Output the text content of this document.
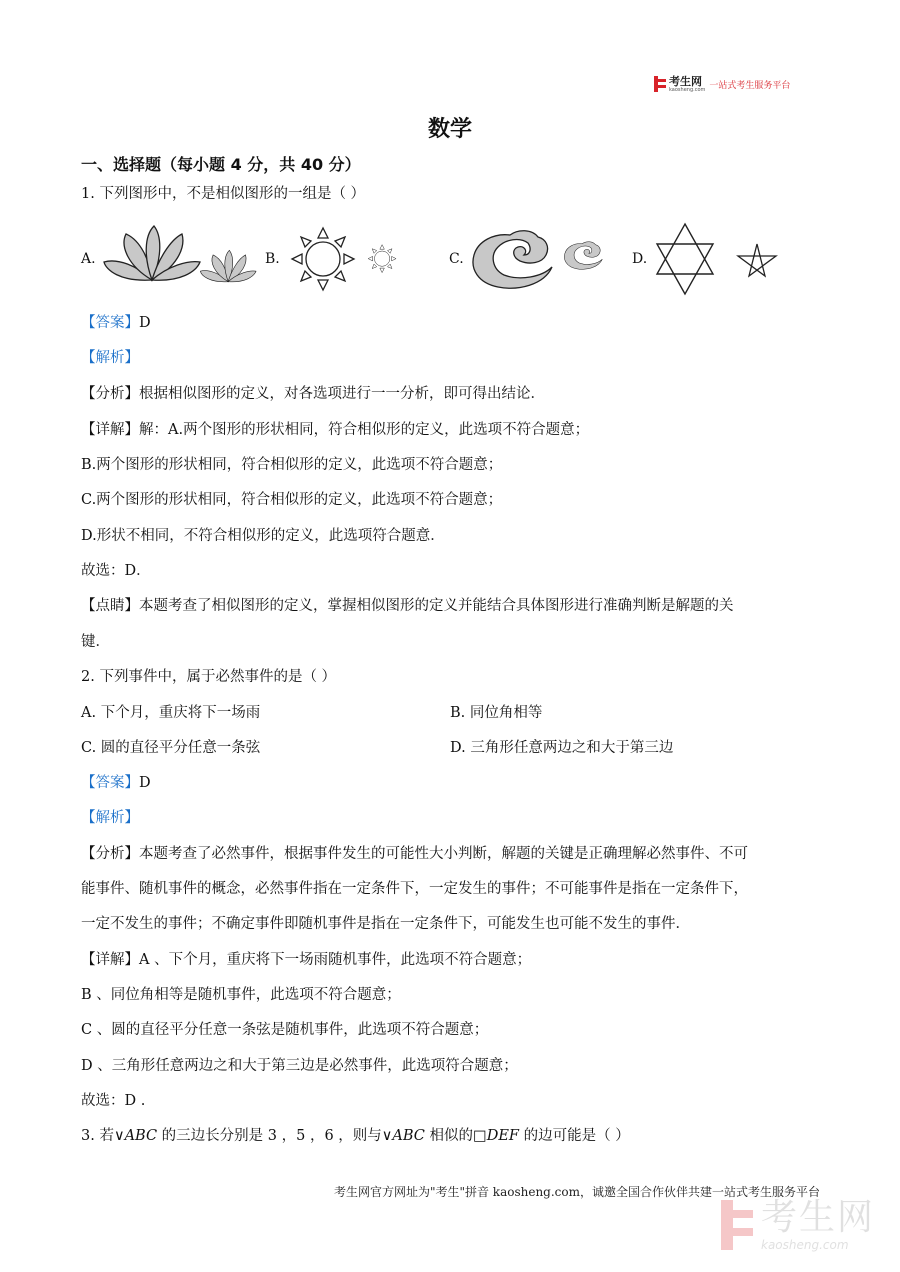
考生网
kaosheng.com 一站式考生服务平台
数学
一、选择题（每小题 4 分，共 40 分）
1. 下列图形中，不是相似图形的一组是（ ）
A.	B.	C.	D.
【答案】D
【解析】
【分析】根据相似图形的定义，对各选项进行一一分析，即可得出结论．
【详解】解：A.两个图形的形状相同，符合相似形的定义，此选项不符合题意；
B.两个图形的形状相同，符合相似形的定义，此选项不符合题意；
C.两个图形的形状相同，符合相似形的定义，此选项不符合题意；
D.形状不相同，不符合相似形的定义，此选项符合题意．
故选：D．
【点睛】本题考查了相似图形的定义，掌握相似图形的定义并能结合具体图形进行准确判断是解题的关
键．
2. 下列事件中，属于必然事件的是（ ）
A. 下个月，重庆将下一场雨	B. 同位角相等
C. 圆的直径平分任意一条弦	D. 三角形任意两边之和大于第三边
【答案】D
【解析】
【分析】本题考查了必然事件，根据事件发生的可能性大小判断，解题的关键是正确理解必然事件、不可
能事件、随机事件的概念，必然事件指在一定条件下，一定发生的事件；不可能事件是指在一定条件下，
一定不发生的事件；不确定事件即随机事件是指在一定条件下，可能发生也可能不发生的事件．
【详解】A 、下个月，重庆将下一场雨随机事件，此选项不符合题意；
B 、同位角相等是随机事件，此选项不符合题意；
C 、圆的直径平分任意一条弦是随机事件，此选项不符合题意；
D 、三角形任意两边之和大于第三边是必然事件，此选项符合题意；
故选：D .
3. 若∨ABC 的三边长分别是 3 ，5 ，6 ，则与∨ABC 相似的□DEF 的边可能是（ ）
考生网官方网址为"考生"拼音 kaosheng.com，诚邀全国合作伙伴共建一站式考生服务平台
考生网
kaosheng.com
